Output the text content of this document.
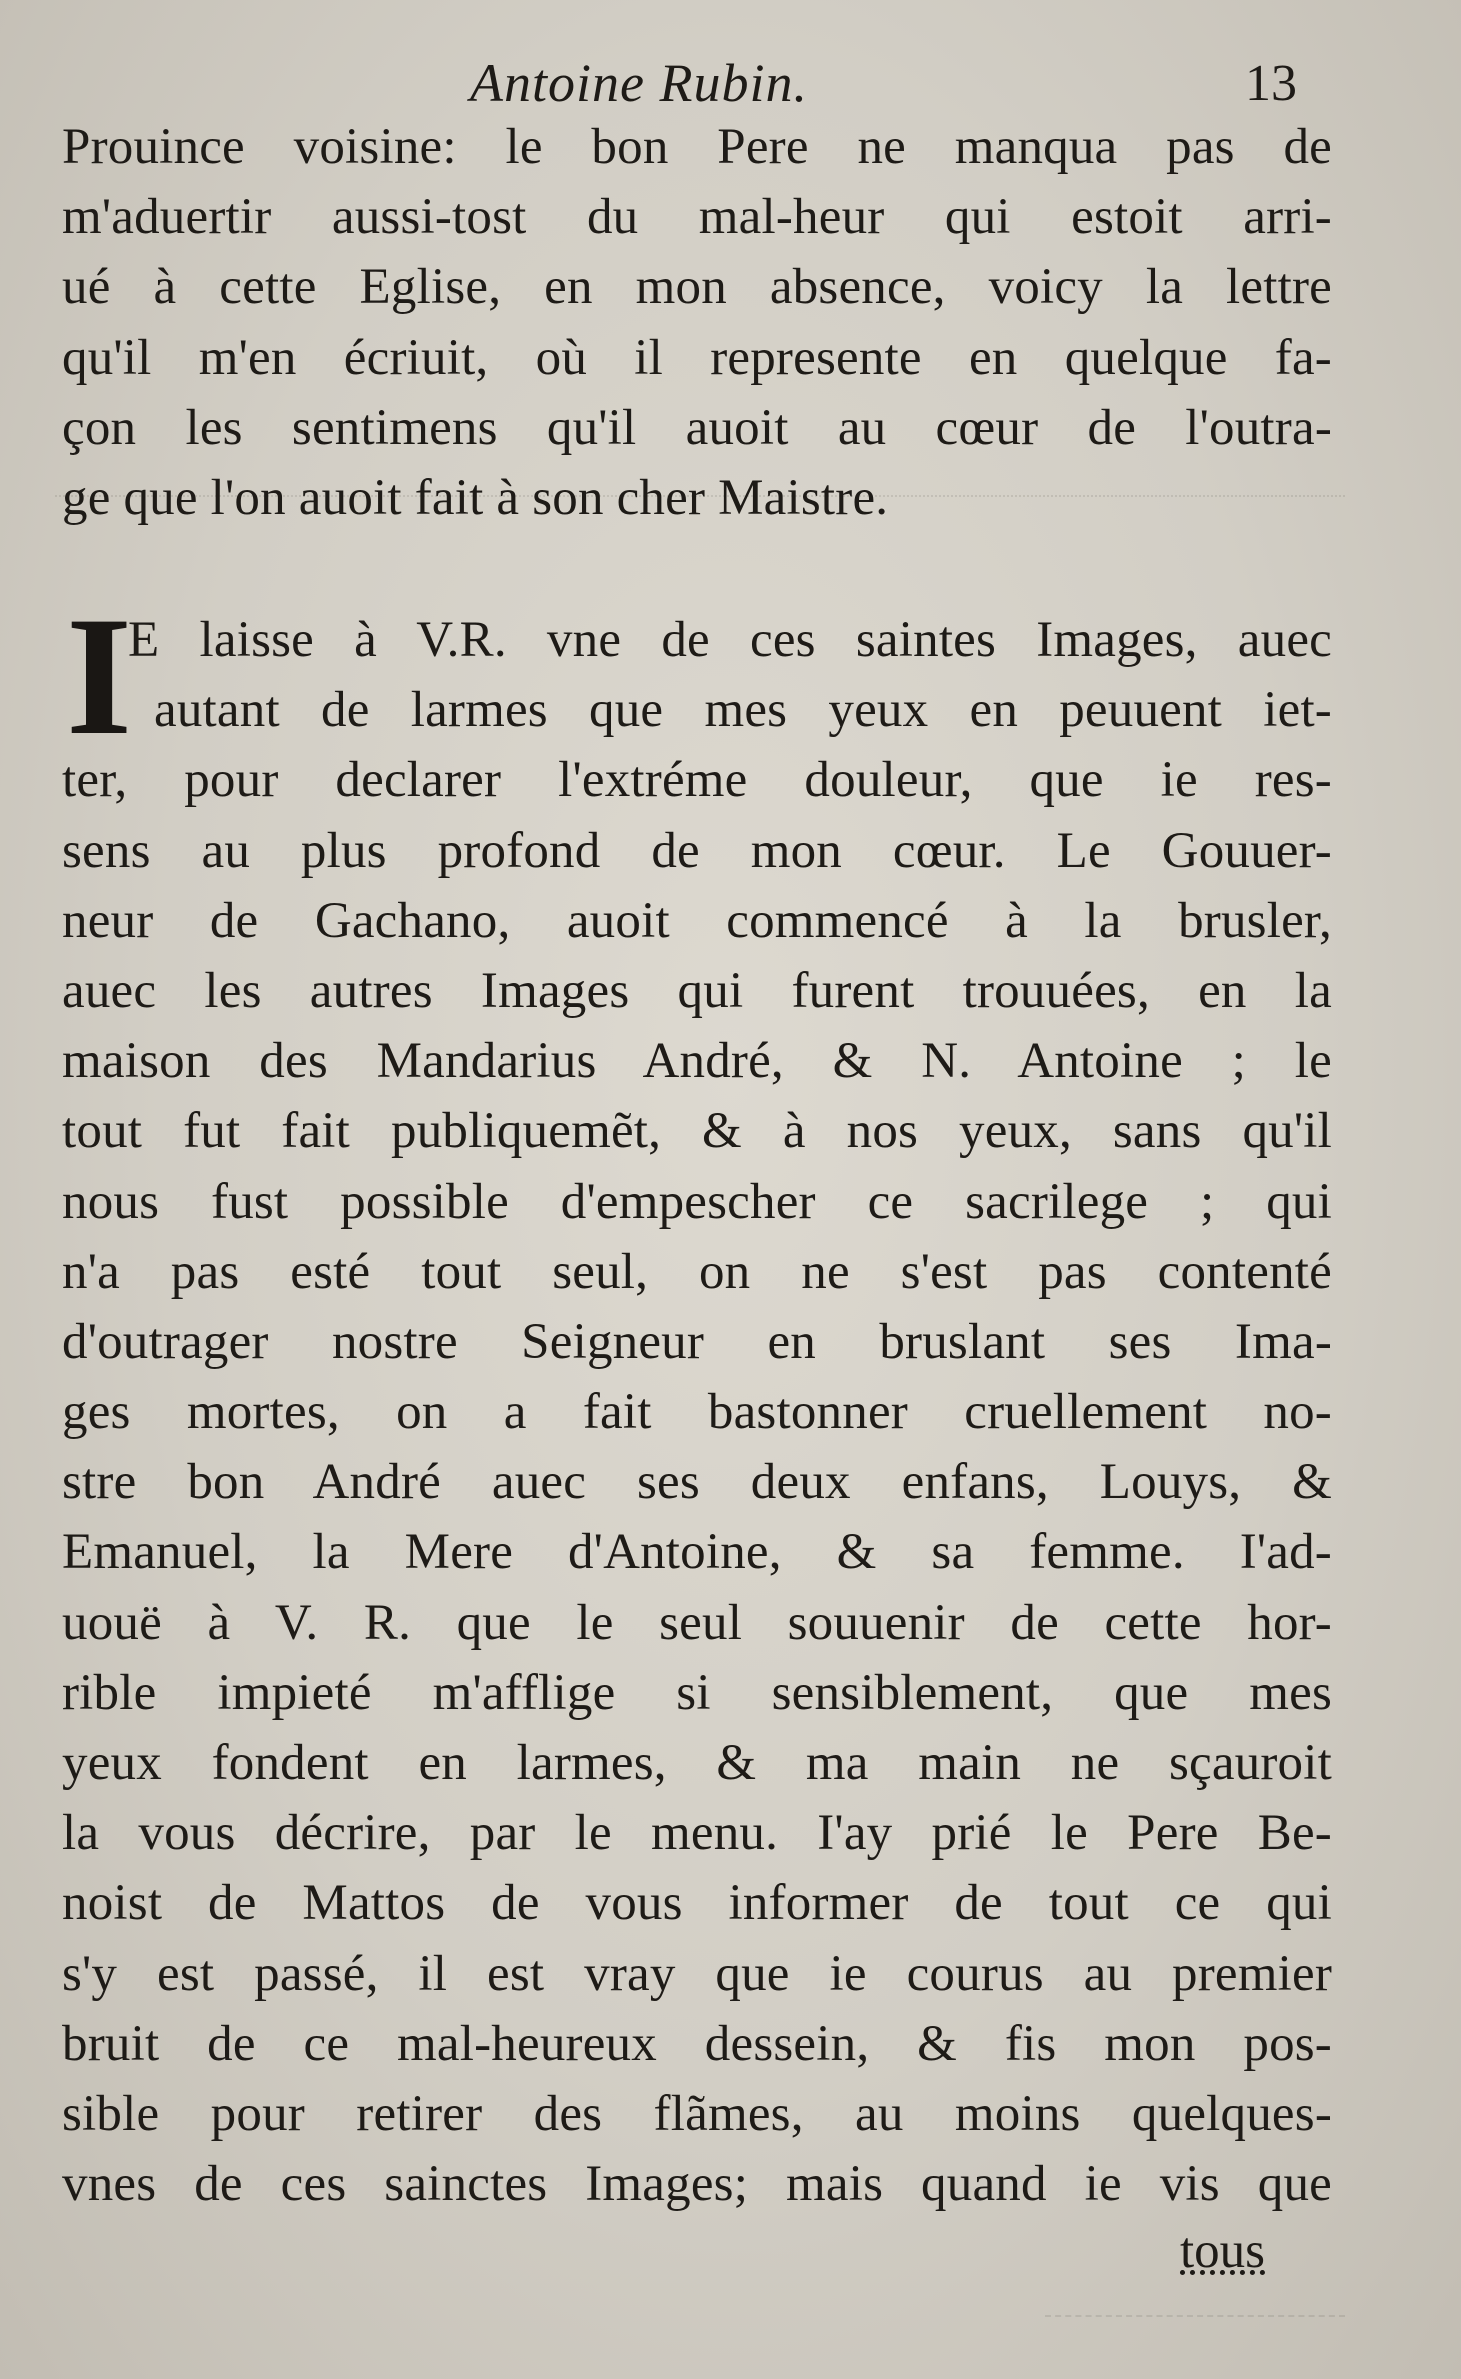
Antoine Rubin.	13
Prouince voisine: le bon Pere ne manqua pas de
m'aduertir aussi-tost du mal-heur qui estoit arri-
ué à cette Eglise, en mon absence, voicy la lettre
qu'il m'en écriuit, où il represente en quelque fa-
çon les sentimens qu'il auoit au cœur de l'outra-
ge que l'on auoit fait à son cher Maistre.
I
E laisse à V.R. vne de ces saintes Images, auec
autant de larmes que mes yeux en peuuent iet-
ter, pour declarer l'extréme douleur, que ie res-
sens au plus profond de mon cœur. Le Gouuer-
neur de Gachano, auoit commencé à la brusler,
auec les autres Images qui furent trouuées, en la
maison des Mandarius André, & N. Antoine ; le
tout fut fait publiquemẽt, & à nos yeux, sans qu'il
nous fust possible d'empescher ce sacrilege ; qui
n'a pas esté tout seul, on ne s'est pas contenté
d'outrager nostre Seigneur en bruslant ses Ima-
ges mortes, on a fait bastonner cruellement no-
stre bon André auec ses deux enfans, Louys, &
Emanuel, la Mere d'Antoine, & sa femme. I'ad-
uouë à V. R. que le seul souuenir de cette hor-
rible impieté m'afflige si sensiblement, que mes
yeux fondent en larmes, & ma main ne sçauroit
la vous décrire, par le menu. I'ay prié le Pere Be-
noist de Mattos de vous informer de tout ce qui
s'y est passé, il est vray que ie courus au premier
bruit de ce mal-heureux dessein, & fis mon pos-
sible pour retirer des flãmes, au moins quelques-
vnes de ces sainctes Images; mais quand ie vis que
tous
